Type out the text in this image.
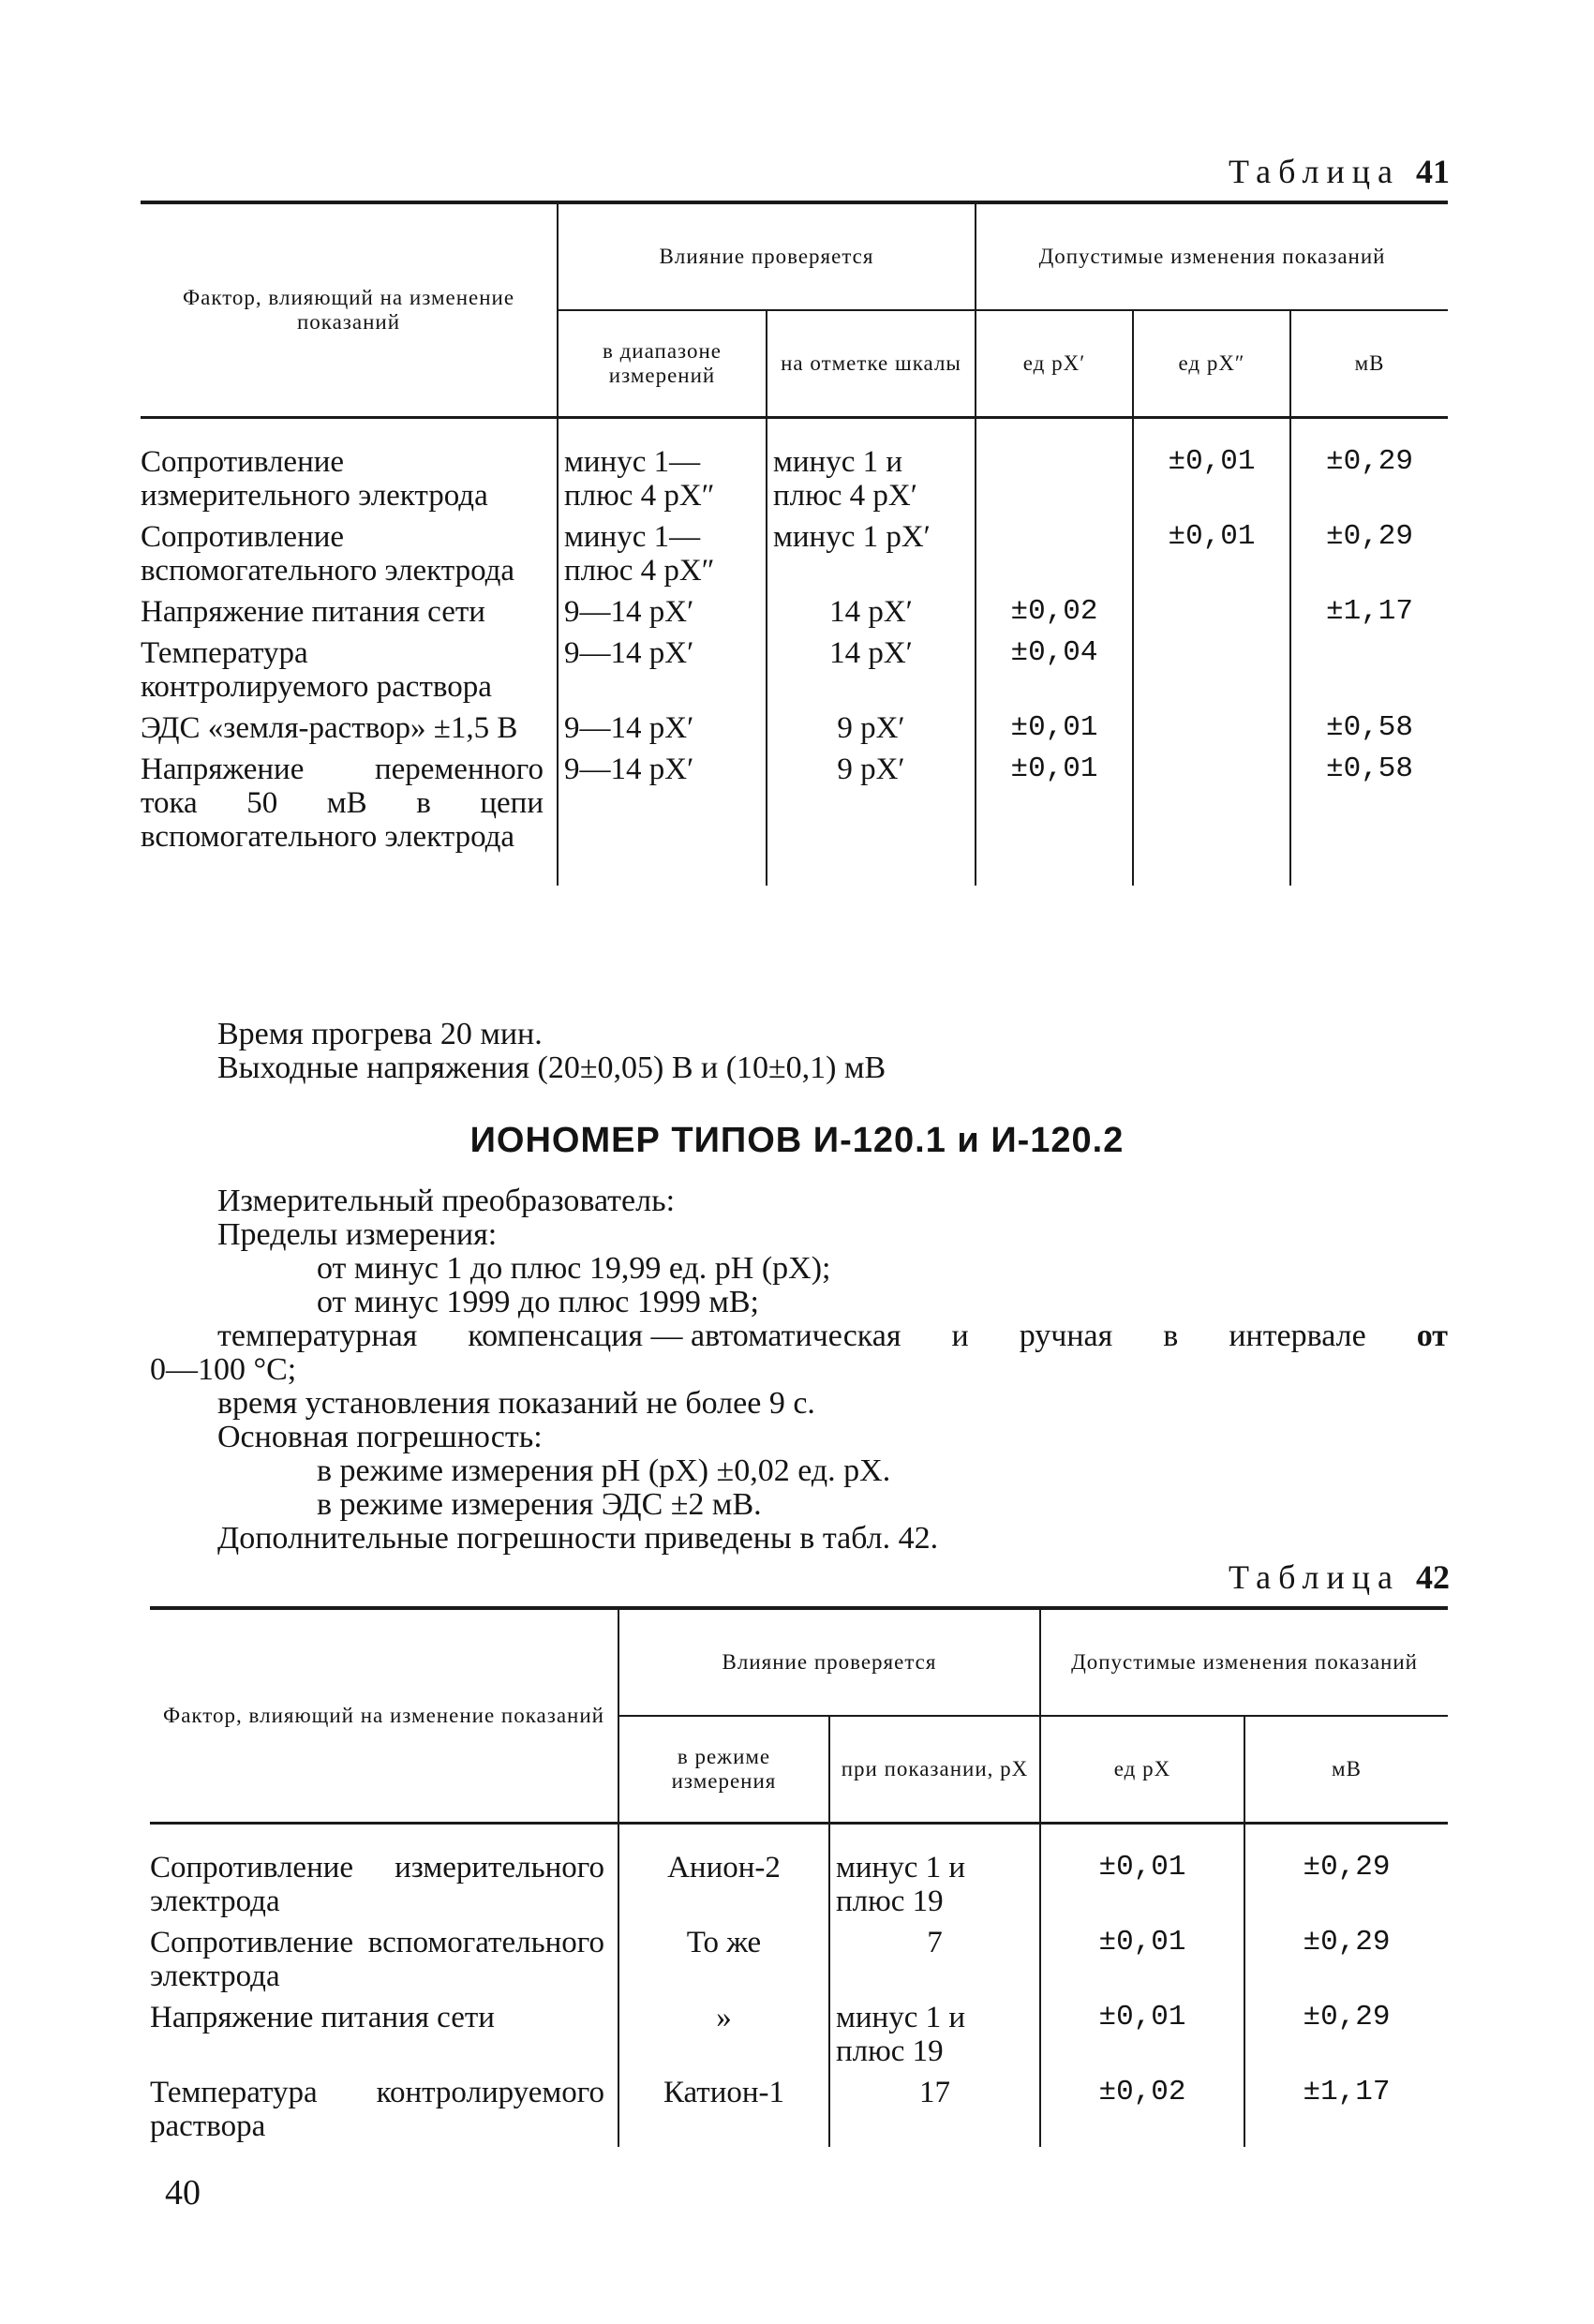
Таблица 41
Фактор, влияющий на изменение показаний	Влияние проверяется		Допустимые изменения показаний		
	в диапазоне измерений	на отметке шкалы	ед pX′	ед pX″	мВ

Сопротивление измерительного электрода	минус 1—плюс 4 pX″	минус 1 и плюс 4 pX′		±0,01	±0,29
Сопротивление вспомогательного электрода	минус 1—плюс 4 pX″	минус 1 pX′		±0,01	±0,29
Напряжение питания сети	9—14 pX′	14 pX′	±0,02		±1,17
Температура контролируемого раствора	9—14 pX′	14 pX′	±0,04		
ЭДС «земля-раствор» ±1,5 В	9—14 pX′	9 pX′	±0,01		±0,58
Напряжение переменного тока 50 мВ в цепи вспомогательного электрода	9—14 pX′	9 pX′	±0,01		±0,58

Время прогрева 20 мин.
Выходные напряжения (20±0,05) В и (10±0,1) мВ
ИОНОМЕР ТИПОВ И-120.1 и И-120.2
Измерительный преобразователь:
Пределы измерения:
от минус 1 до плюс 19,99 ед. pH (pX);
от минус 1999 до плюс 1999 мВ;
температурная компенсация — автоматическая и ручная в интервале от
0—100 °С;
время установления показаний не более 9 с.
Основная погрешность:
в режиме измерения pH (pX) ±0,02 ед. pX.
в режиме измерения ЭДС ±2 мВ.
Дополнительные погрешности приведены в табл. 42.
Таблица 42
Фактор, влияющий на изменение показаний	Влияние проверяется		Допустимые изменения показаний	
	в режиме измерения	при показании, pX	ед pX	мВ

Сопротивление измерительного электрода	Анион-2	минус 1 и плюс 19	±0,01	±0,29
Сопротивление вспомогательного электрода	То же	7	±0,01	±0,29
Напряжение питания сети	»	минус 1 и плюс 19	±0,01	±0,29
Температура контролируемого раствора	Катион-1	17	±0,02	±1,17
40
